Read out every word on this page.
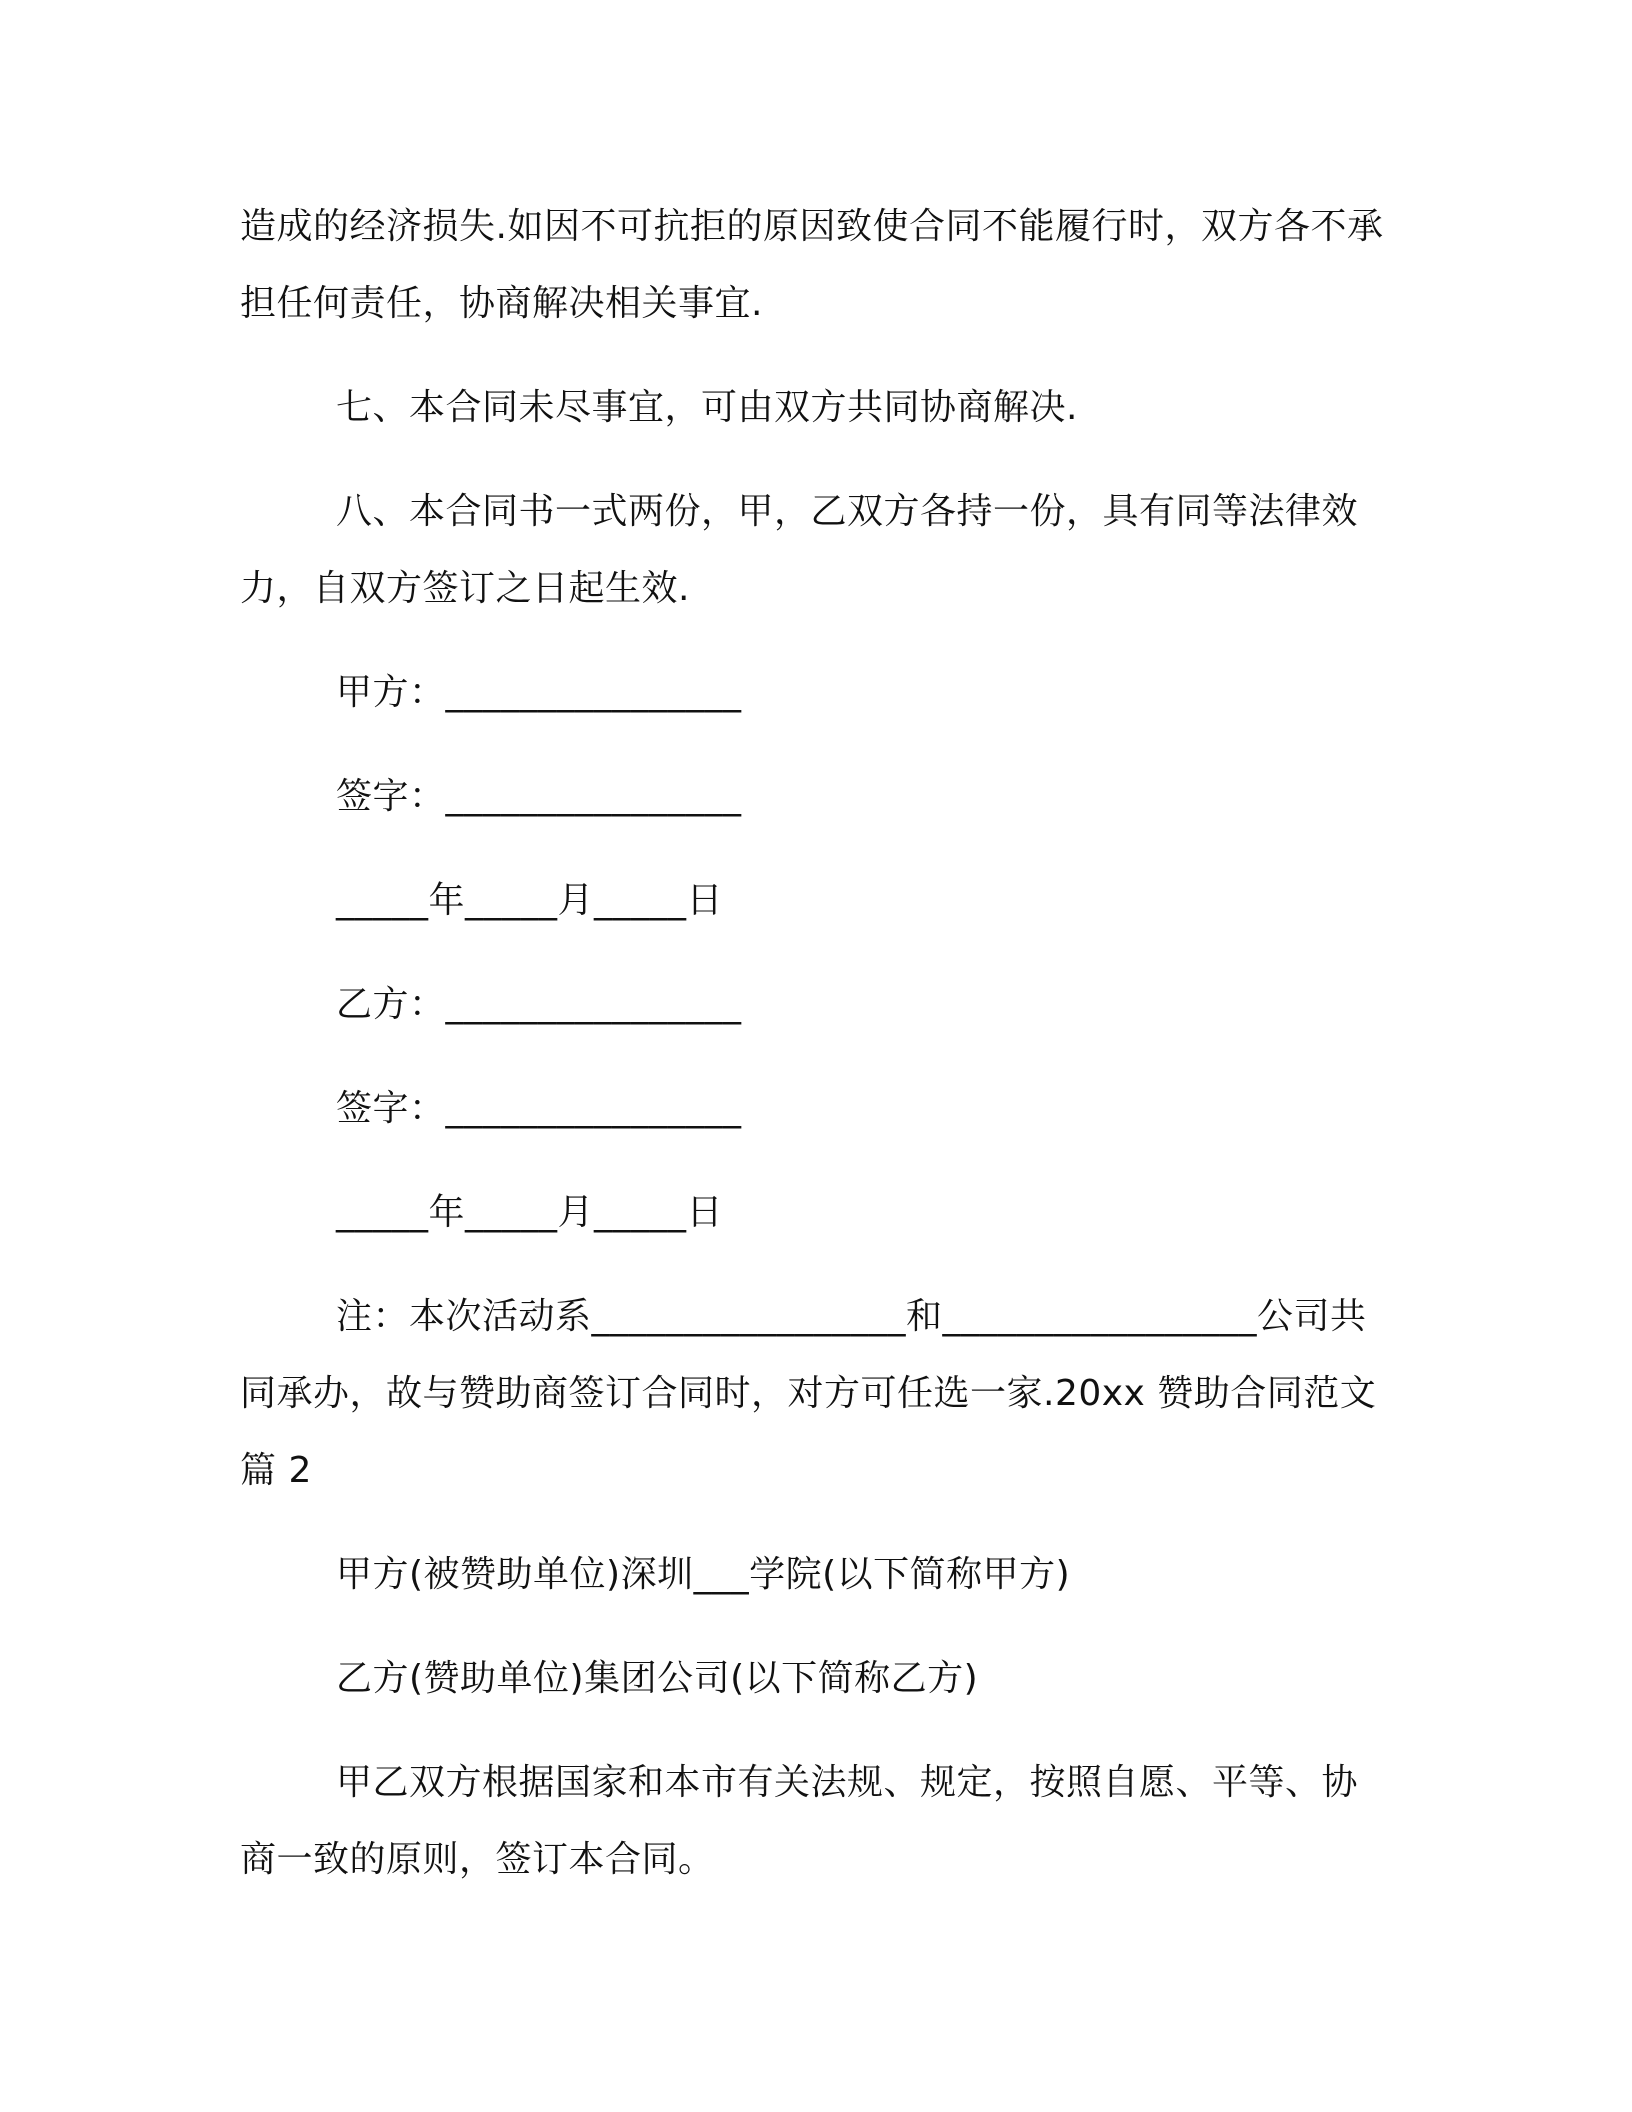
造成的经济损失.如因不可抗拒的原因致使合同不能履行时，双方各不承担任何责任，协商解决相关事宜.

七、本合同未尽事宜，可由双方共同协商解决.

八、本合同书一式两份，甲，乙双方各持一份，具有同等法律效力，自双方签订之日起生效.

甲方：________________

签字：________________

_____年_____月_____日

乙方：________________

签字：________________

_____年_____月_____日

注：本次活动系_________________和_________________公司共同承办，故与赞助商签订合同时，对方可任选一家.20xx 赞助合同范文 篇 2

甲方(被赞助单位)深圳___学院(以下简称甲方)

乙方(赞助单位)集团公司(以下简称乙方)

甲乙双方根据国家和本市有关法规、规定，按照自愿、平等、协商一致的原则，签订本合同。
